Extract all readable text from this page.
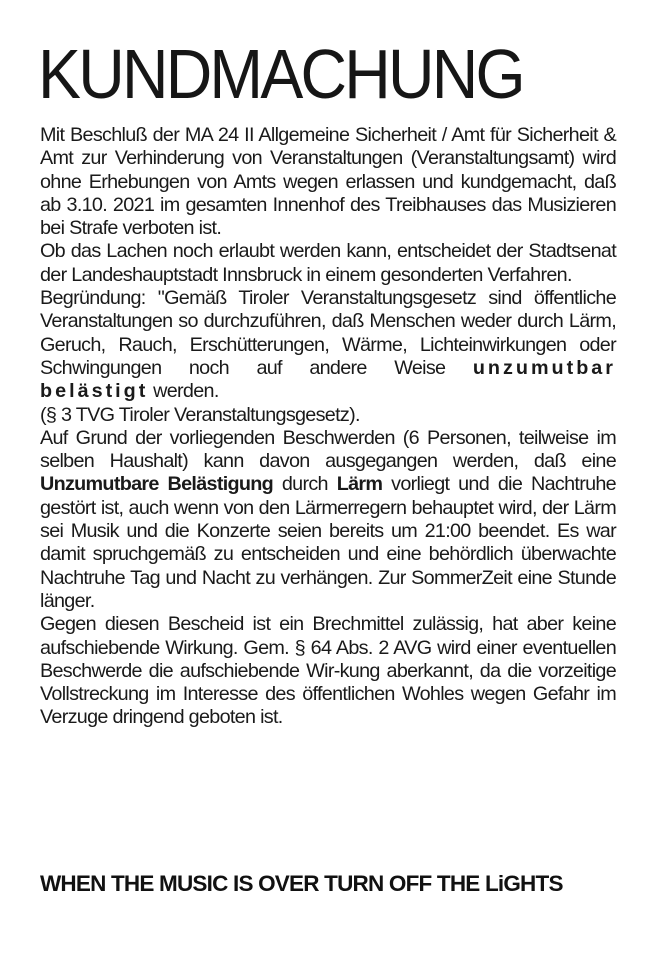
KUNDMACHUNG

Mit Beschluß der MA 24 II Allgemeine Sicherheit / Amt für Sicherheit & Amt zur Verhinderung von Veranstaltungen (Veranstaltungsamt) wird ohne Erhebungen von Amts wegen erlassen und kundgemacht, daß ab 3.10. 2021 im gesamten Innenhof des Treibhauses das Musizieren bei Strafe verboten ist.

Ob das Lachen noch erlaubt werden kann, entscheidet der Stadtsenat der Landeshauptstadt Innsbruck in einem gesonderten Verfahren.

Begründung: "Gemäß Tiroler Veranstaltungsgesetz sind öffentliche Veranstaltungen so durchzuführen, daß Menschen weder durch Lärm, Geruch, Rauch, Erschütterungen, Wärme, Lichteinwirkungen oder Schwingungen noch auf andere Weise unzumutbar belästigt werden.

(§ 3 TVG Tiroler Veranstaltungsgesetz).

Auf Grund der vorliegenden Beschwerden (6 Personen, teilweise im selben Haushalt) kann davon ausgegangen werden, daß eine Unzumutbare Belästigung durch Lärm vorliegt und die Nachtruhe gestört ist, auch wenn von den Lärmerregern behauptet wird, der Lärm sei Musik und die Konzerte seien bereits um 21:00 beendet. Es war damit spruchgemäß zu entscheiden und eine behördlich überwachte Nachtruhe Tag und Nacht zu verhängen. Zur SommerZeit eine Stunde länger.

Gegen diesen Bescheid ist ein Brechmittel zulässig, hat aber keine aufschiebende Wirkung. Gem. § 64 Abs. 2 AVG wird einer eventuellen Beschwerde die aufschiebende Wir-kung aberkannt, da die vorzeitige Vollstreckung im Interesse des öffentlichen Wohles wegen Gefahr im Verzuge dringend geboten ist.

WHEN THE MUSIC IS OVER TURN OFF THE LiGHTS
